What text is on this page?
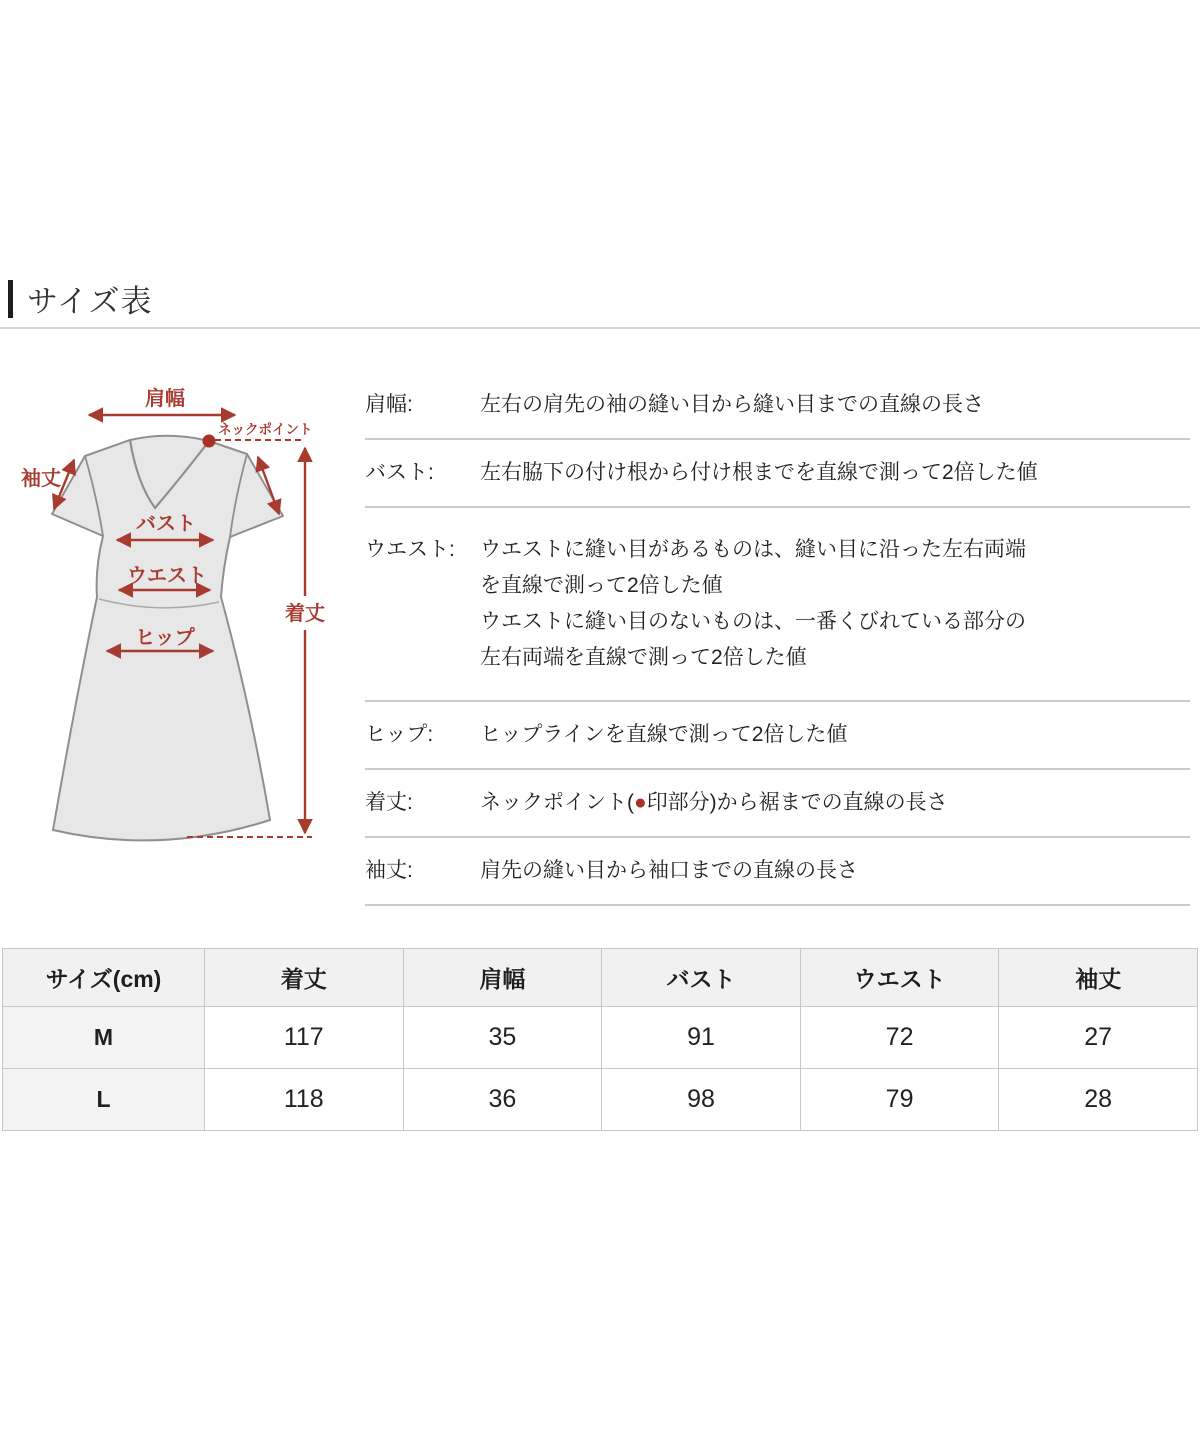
サイズ表
肩幅
ネックポイント
袖丈
バスト
ウエスト
ヒップ
着丈
肩幅:	左右の肩先の袖の縫い目から縫い目までの直線の長さ
バスト:	左右脇下の付け根から付け根までを直線で測って2倍した値
ウエスト:	ウエストに縫い目があるものは、縫い目に沿った左右両端
を直線で測って2倍した値
ウエストに縫い目のないものは、一番くびれている部分の
左右両端を直線で測って2倍した値
ヒップ:	ヒップラインを直線で測って2倍した値
着丈:	ネックポイント(●印部分)から裾までの直線の長さ
袖丈:	肩先の縫い目から袖口までの直線の長さ
サイズ(cm)	着丈	肩幅	バスト	ウエスト	袖丈
M	117	35	91	72	27
L	118	36	98	79	28
